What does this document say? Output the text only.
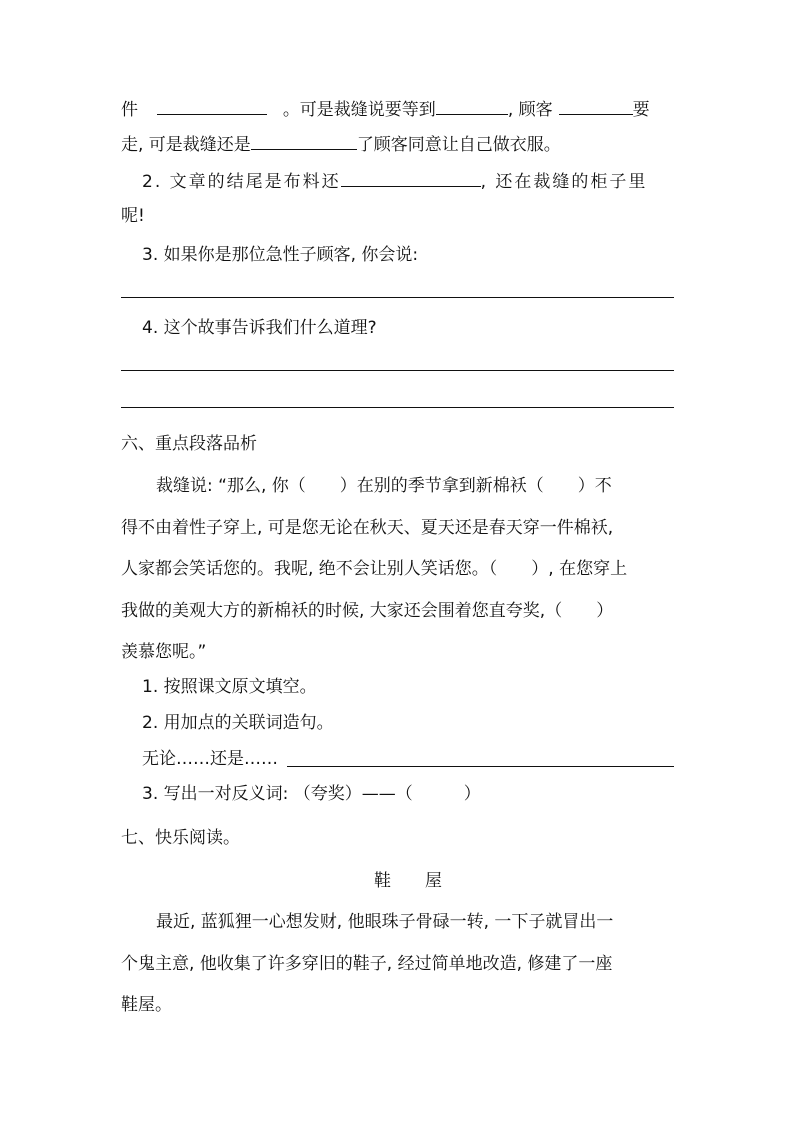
件	。可是裁缝说要等到	, 顾客	要
走, 可是裁缝还是	了顾客同意让自己做衣服。
2. 文章的结尾是布料还	, 还在裁缝的柜子里
呢!
3. 如果你是那位急性子顾客, 你会说:
4. 这个故事告诉我们什么道理?
六、重点段落品析
裁缝说: “那么, 你（　　）在别的季节拿到新棉袄（　　）不
得不由着性子穿上, 可是您无论在秋天、夏天还是春天穿一件棉袄,
人家都会笑话您的。我呢, 绝不会让别人笑话您。（　　）, 在您穿上
我做的美观大方的新棉袄的时候, 大家还会围着您直夸奖,（　　）
羡慕您呢。”
1. 按照课文原文填空。
2. 用加点的关联词造句。
无论……还是……
3. 写出一对反义词: （夸奖）——（　　　）
七、快乐阅读。
鞋　　屋
最近, 蓝狐狸一心想发财, 他眼珠子骨碌一转, 一下子就冒出一
个鬼主意, 他收集了许多穿旧的鞋子, 经过简单地改造, 修建了一座
鞋屋。
